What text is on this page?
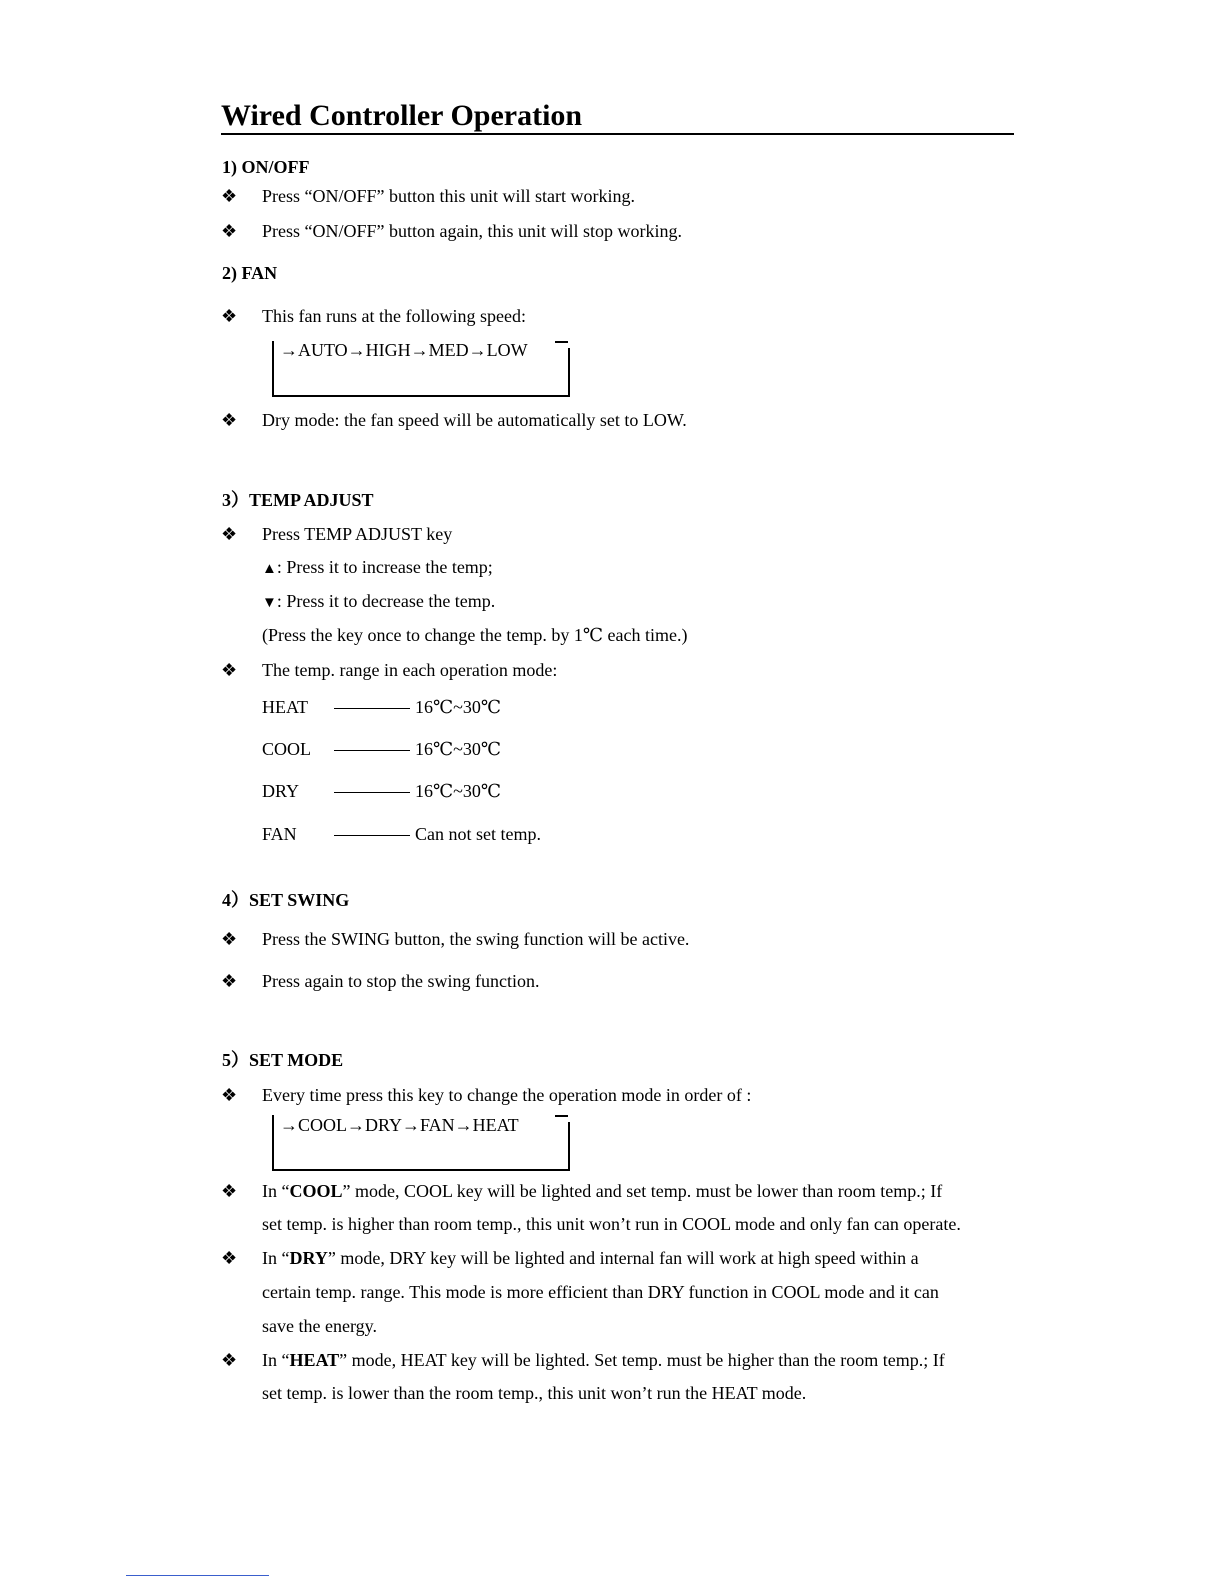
Wired Controller Operation
1) ON/OFF
❖ Press “ON/OFF” button this unit will start working.
❖ Press “ON/OFF” button again, this unit will stop working.
2) FAN
❖ This fan runs at the following speed:
→AUTO→HIGH→MED→LOW
❖ Dry mode: the fan speed will be automatically set to LOW.
3）TEMP ADJUST
❖ Press TEMP ADJUST key
▲: Press it to increase the temp;
▼: Press it to decrease the temp.
(Press the key once to change the temp. by 1℃ each time.)
❖ The temp. range in each operation mode:
HEAT	16℃~30℃
COOL	16℃~30℃
DRY	16℃~30℃
FAN	Can not set temp.
4）SET SWING
❖ Press the SWING button, the swing function will be active.
❖ Press again to stop the swing function.
5）SET MODE
❖ Every time press this key to change the operation mode in order of :
→COOL→DRY→FAN→HEAT
❖ In “COOL” mode, COOL key will be lighted and set temp. must be lower than room temp.; If
set temp. is higher than room temp., this unit won’t run in COOL mode and only fan can operate.
❖ In “DRY” mode, DRY key will be lighted and internal fan will work at high speed within a
certain temp. range. This mode is more efficient than DRY function in COOL mode and it can
save the energy.
❖ In “HEAT” mode, HEAT key will be lighted. Set temp. must be higher than the room temp.; If
set temp. is lower than the room temp., this unit won’t run the HEAT mode.
